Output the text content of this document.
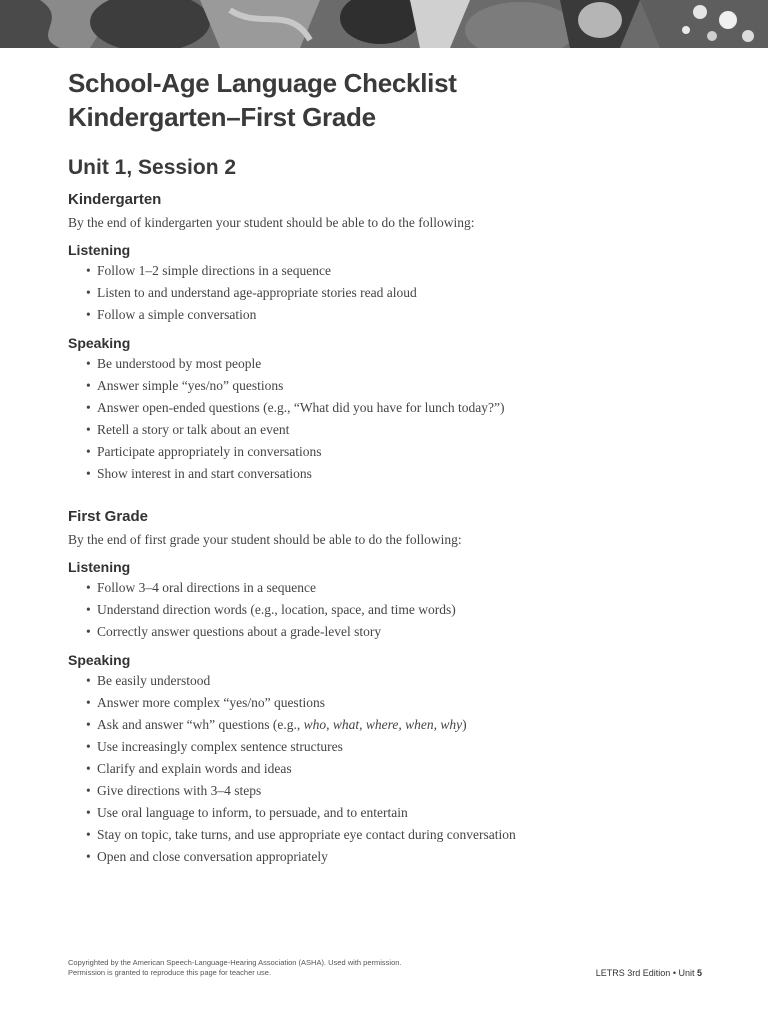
School-Age Language Checklist
Kindergarten–First Grade
Unit 1, Session 2
Kindergarten

By the end of kindergarten your student should be able to do the following:

Listening
• Follow 1–2 simple directions in a sequence
• Listen to and understand age-appropriate stories read aloud
• Follow a simple conversation
Speaking
• Be understood by most people
• Answer simple “yes/no” questions
• Answer open-ended questions (e.g., “What did you have for lunch today?”)
• Retell a story or talk about an event
• Participate appropriately in conversations
• Show interest in and start conversations
First Grade

By the end of first grade your student should be able to do the following:

Listening
• Follow 3–4 oral directions in a sequence
• Understand direction words (e.g., location, space, and time words)
• Correctly answer questions about a grade-level story
Speaking
• Be easily understood
• Answer more complex “yes/no” questions
• Ask and answer “wh” questions (e.g., who, what, where, when, why)
• Use increasingly complex sentence structures
• Clarify and explain words and ideas
• Give directions with 3–4 steps
• Use oral language to inform, to persuade, and to entertain
• Stay on topic, take turns, and use appropriate eye contact during conversation
• Open and close conversation appropriately
Copyrighted by the American Speech-Language-Hearing Association (ASHA). Used with permission.
Permission is granted to reproduce this page for teacher use.	LETRS 3rd Edition • Unit 5
